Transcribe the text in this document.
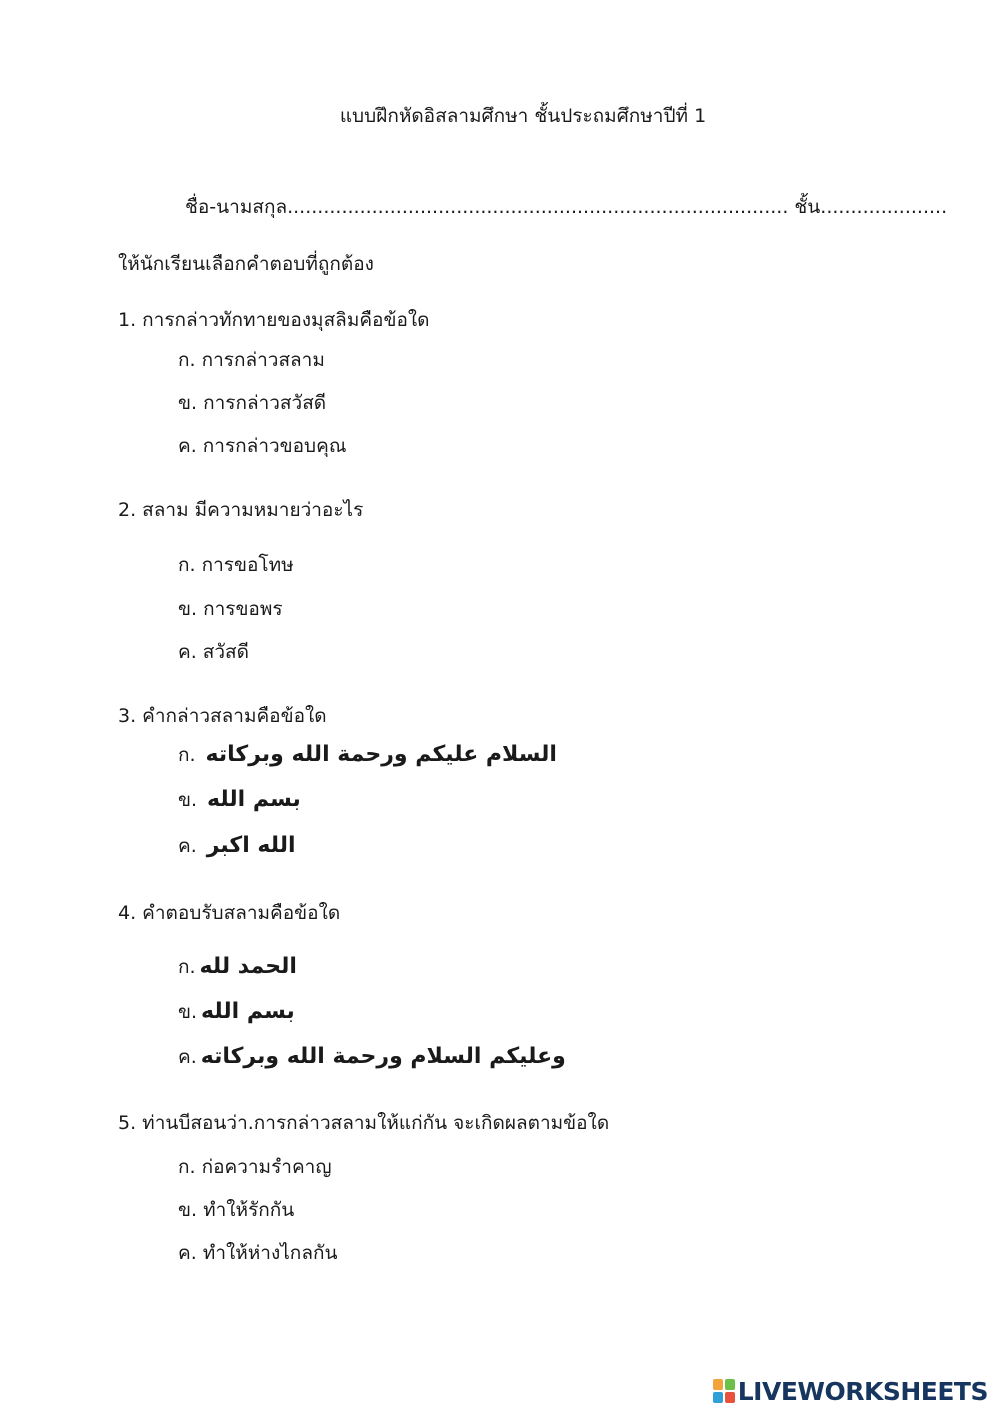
แบบฝึกหัดอิสลามศึกษา ชั้นประถมศึกษาปีที่ 1
ชื่อ-นามสกุล................................................................................... ชั้น.....................
ให้นักเรียนเลือกคำตอบที่ถูกต้อง
1. การกล่าวทักทายของมุสลิมคือข้อใด
ก. การกล่าวสลาม
ข. การกล่าวสวัสดี
ค. การกล่าวขอบคุณ
2. สลาม มีความหมายว่าอะไร
ก. การขอโทษ
ข. การขอพร
ค. สวัสดี
3. คำกล่าวสลามคือข้อใด
ก. السلام عليكم ورحمة الله وبركاته
ข. بسم الله
ค. الله اكبر
4. คำตอบรับสลามคือข้อใด
ก. الحمد لله
ข. بسم الله
ค. وعليكم السلام ورحمة الله وبركاته
5. ท่านบีสอนว่า.การกล่าวสลามให้แก่กัน จะเกิดผลตามข้อใด
ก. ก่อความรำคาญ
ข. ทำให้รักกัน
ค. ทำให้ห่างไกลกัน
LIVEWORKSHEETS
